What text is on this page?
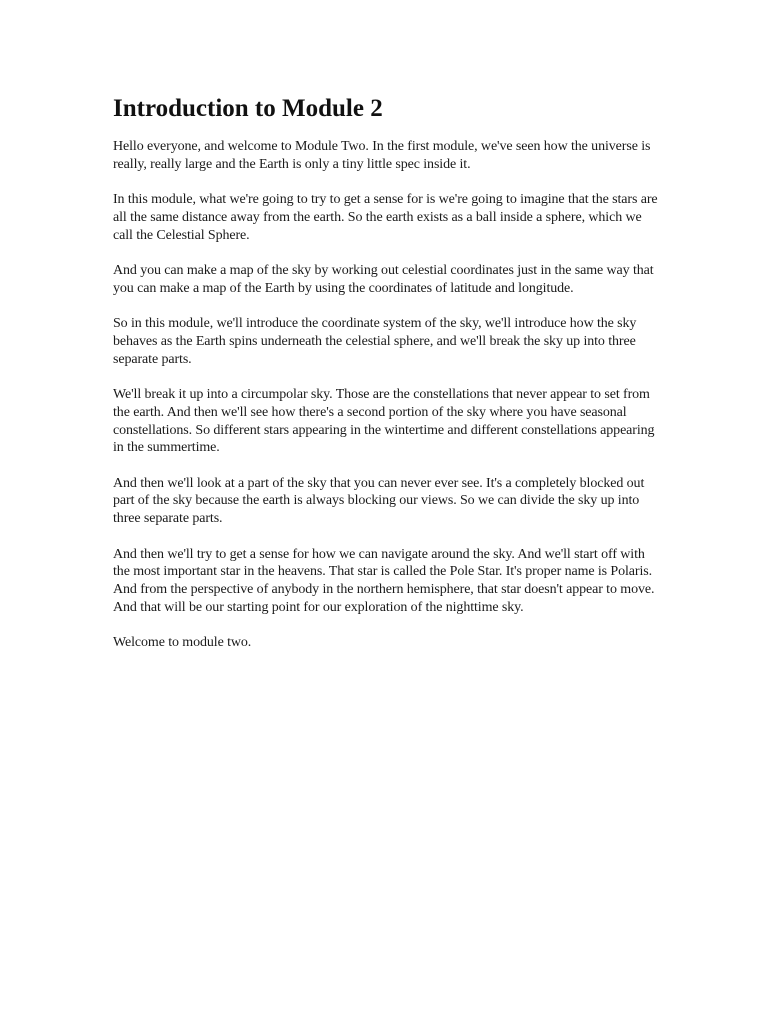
Introduction to Module 2

Hello everyone, and welcome to Module Two. In the first module, we've seen how the universe is really, really large and the Earth is only a tiny little spec inside it.

In this module, what we're going to try to get a sense for is we're going to imagine that the stars are all the same distance away from the earth. So the earth exists as a ball inside a sphere, which we call the Celestial Sphere.

And you can make a map of the sky by working out celestial coordinates just in the same way that you can make a map of the Earth by using the coordinates of latitude and longitude.

So in this module, we'll introduce the coordinate system of the sky, we'll introduce how the sky behaves as the Earth spins underneath the celestial sphere, and we'll break the sky up into three separate parts.

We'll break it up into a circumpolar sky. Those are the constellations that never appear to set from the earth. And then we'll see how there's a second portion of the sky where you have seasonal constellations. So different stars appearing in the wintertime and different constellations appearing in the summertime.

And then we'll look at a part of the sky that you can never ever see. It's a completely blocked out part of the sky because the earth is always blocking our views. So we can divide the sky up into three separate parts.

And then we'll try to get a sense for how we can navigate around the sky. And we'll start off with the most important star in the heavens. That star is called the Pole Star. It's proper name is Polaris. And from the perspective of anybody in the northern hemisphere, that star doesn't appear to move. And that will be our starting point for our exploration of the nighttime sky.

Welcome to module two.
